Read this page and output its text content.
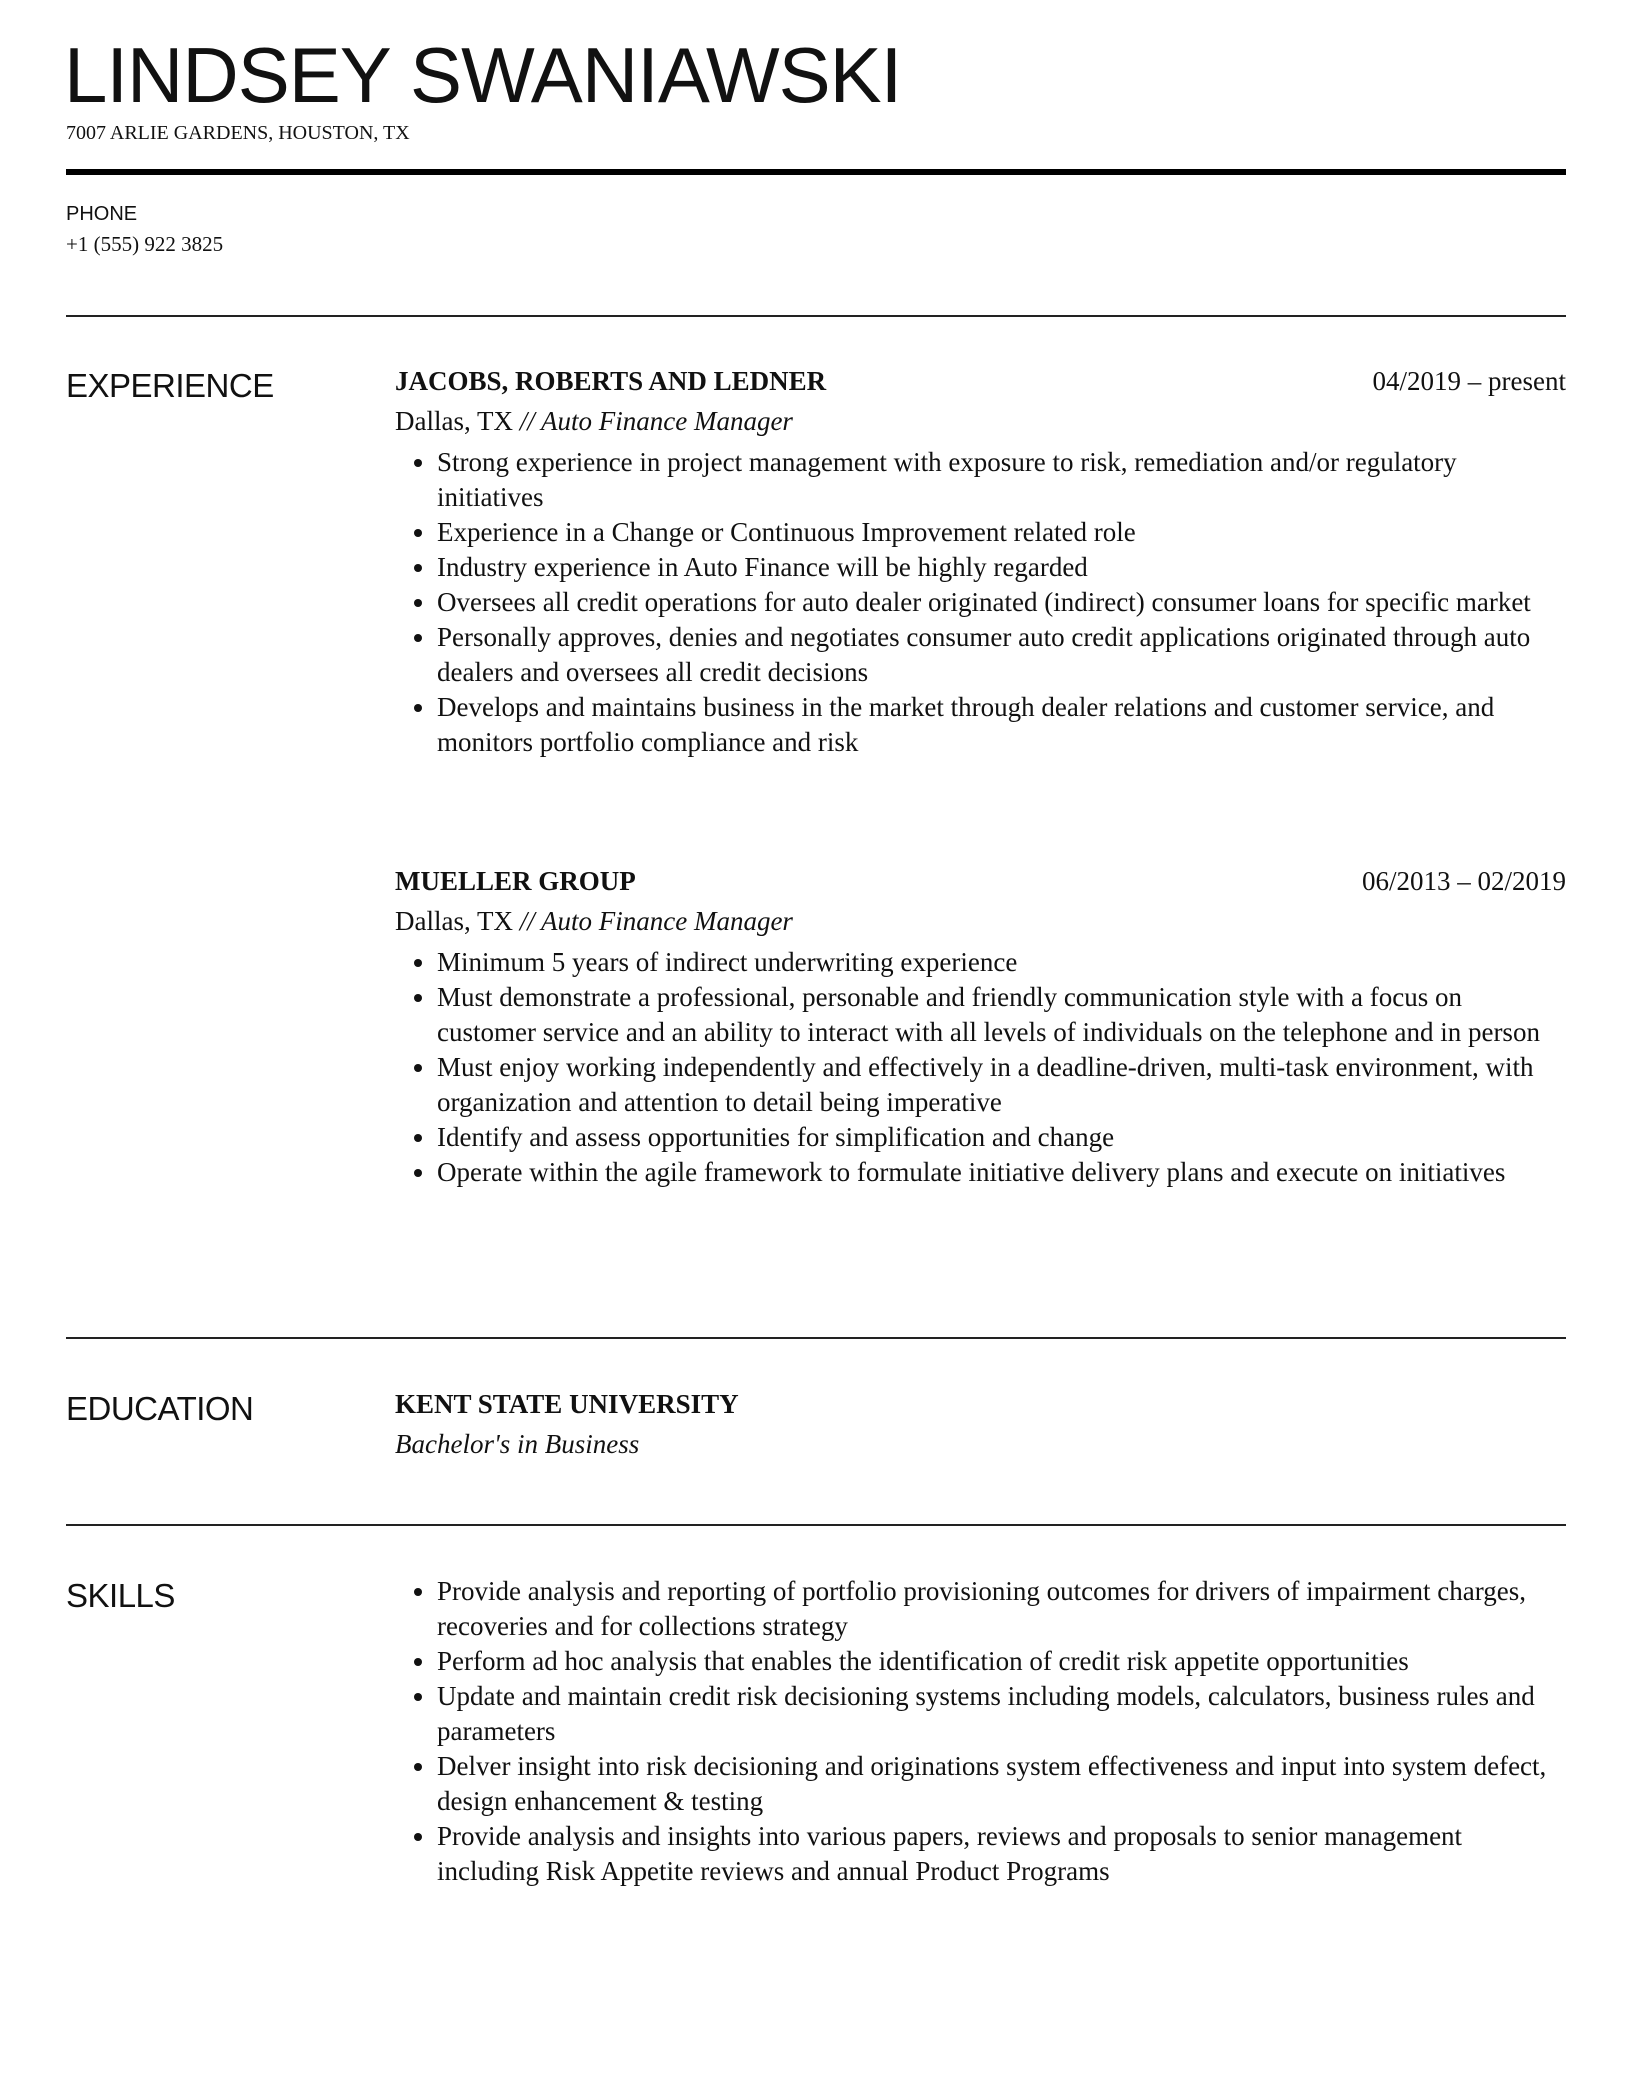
LINDSEY SWANIAWSKI
7007 ARLIE GARDENS, HOUSTON, TX
PHONE
+1 (555) 922 3825
EXPERIENCE	JACOBS, ROBERTS AND LEDNER	04/2019 – present
Dallas, TX // Auto Finance Manager
• Strong experience in project management with exposure to risk, remediation and/or regulatory initiatives
• Experience in a Change or Continuous Improvement related role
• Industry experience in Auto Finance will be highly regarded
• Oversees all credit operations for auto dealer originated (indirect) consumer loans for specific market
• Personally approves, denies and negotiates consumer auto credit applications originated through auto dealers and oversees all credit decisions
• Develops and maintains business in the market through dealer relations and customer service, and monitors portfolio compliance and risk
MUELLER GROUP	06/2013 – 02/2019
Dallas, TX // Auto Finance Manager
• Minimum 5 years of indirect underwriting experience
• Must demonstrate a professional, personable and friendly communication style with a focus on customer service and an ability to interact with all levels of individuals on the telephone and in person
• Must enjoy working independently and effectively in a deadline-driven, multi-task environment, with organization and attention to detail being imperative
• Identify and assess opportunities for simplification and change
• Operate within the agile framework to formulate initiative delivery plans and execute on initiatives
EDUCATION	KENT STATE UNIVERSITY
Bachelor's in Business
SKILLS	• Provide analysis and reporting of portfolio provisioning outcomes for drivers of impairment charges, recoveries and for collections strategy
• Perform ad hoc analysis that enables the identification of credit risk appetite opportunities
• Update and maintain credit risk decisioning systems including models, calculators, business rules and parameters
• Delver insight into risk decisioning and originations system effectiveness and input into system defect, design enhancement & testing
• Provide analysis and insights into various papers, reviews and proposals to senior management including Risk Appetite reviews and annual Product Programs
